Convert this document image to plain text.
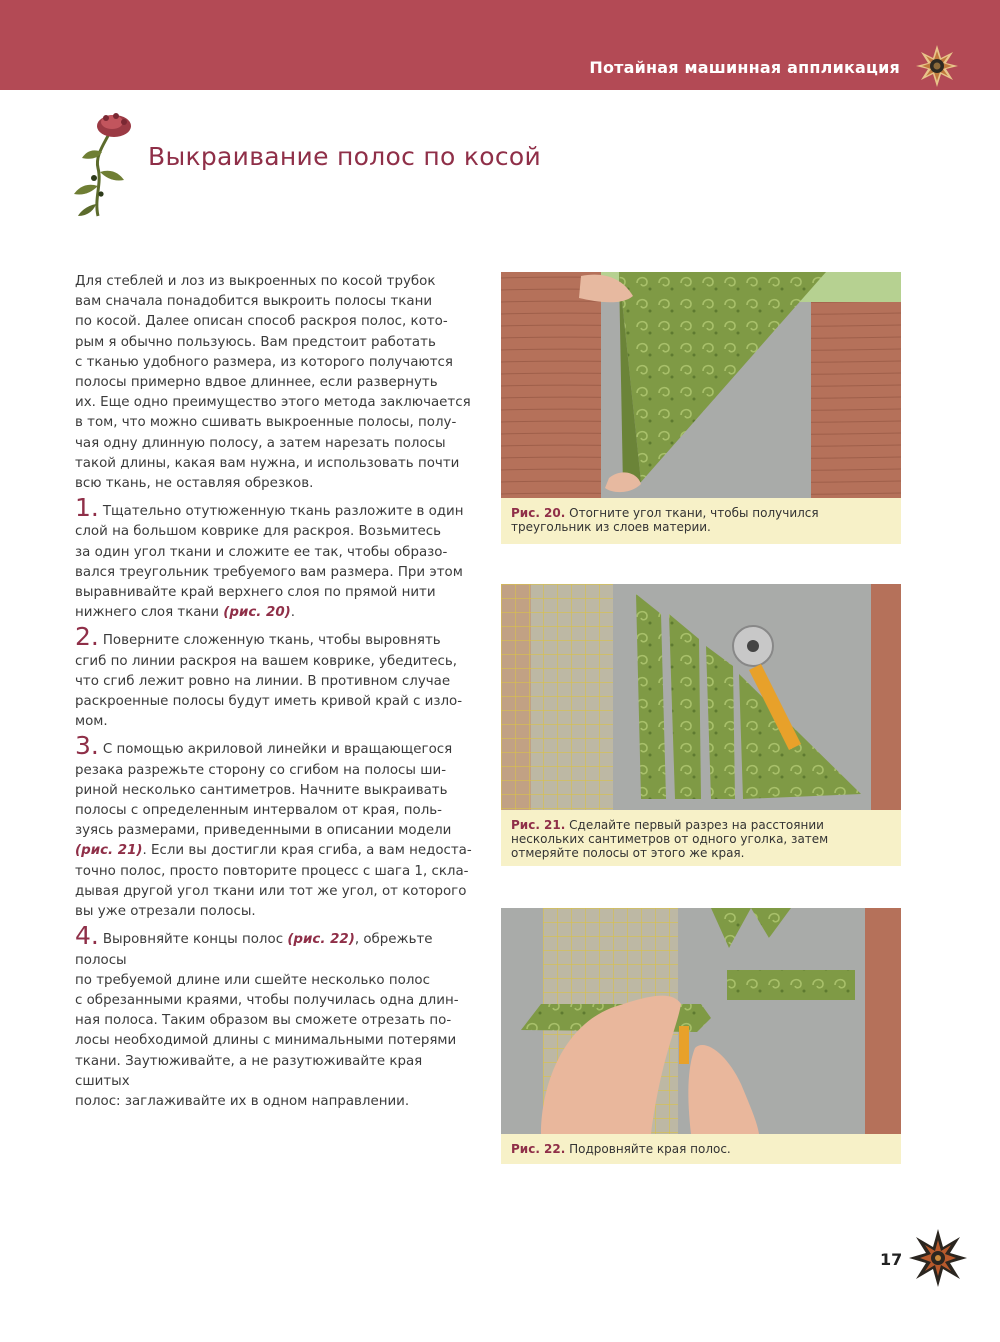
Потайная машинная аппликация
Выкраивание полос по косой

Для стеблей и лоз из выкроенных по косой трубок
вам сначала понадобится выкроить полосы ткани
по косой. Далее описан способ раскроя полос, кото-
рым я обычно пользуюсь. Вам предстоит работать
с тканью удобного размера, из которого получаются
полосы примерно вдвое длиннее, если развернуть
их. Еще одно преимущество этого метода заключается
в том, что можно сшивать выкроенные полосы, полу-
чая одну длинную полосу, а затем нарезать полосы
такой длины, какая вам нужна, и использовать почти
всю ткань, не оставляя обрезков.

1. Тщательно отутюженную ткань разложите в один
слой на большом коврике для раскроя. Возьмитесь
за один угол ткани и сложите ее так, чтобы образо-
вался треугольник требуемого вам размера. При этом
выравнивайте край верхнего слоя по прямой нити
нижнего слоя ткани (рис. 20).

2. Поверните сложенную ткань, чтобы выровнять
сгиб по линии раскроя на вашем коврике, убедитесь,
что сгиб лежит ровно на линии. В противном случае
раскроенные полосы будут иметь кривой край с изло-
мом.

3. С помощью акриловой линейки и вращающегося
резака разрежьте сторону со сгибом на полосы ши-
риной несколько сантиметров. Начните выкраивать
полосы с определенным интервалом от края, поль-
зуясь размерами, приведенными в описании модели
(рис. 21). Если вы достигли края сгиба, а вам недоста-
точно полос, просто повторите процесс с шага 1, скла-
дывая другой угол ткани или тот же угол, от которого
вы уже отрезали полосы.

4. Выровняйте концы полос (рис. 22), обрежьте полосы
по требуемой длине или сшейте несколько полос
с обрезанными краями, чтобы получилась одна длин-
ная полоса. Таким образом вы сможете отрезать по-
лосы необходимой длины с минимальными потерями
ткани. Заутюживайте, а не разутюживайте края сшитых
полос: заглаживайте их в одном направлении.

Рис. 20. Отогните угол ткани, чтобы получился
треугольник из слоев материи.
Рис. 21. Сделайте первый разрез на расстоянии
нескольких сантиметров от одного уголка, затем
отмеряйте полосы от этого же края.
Рис. 22. Подровняйте края полос.
17
